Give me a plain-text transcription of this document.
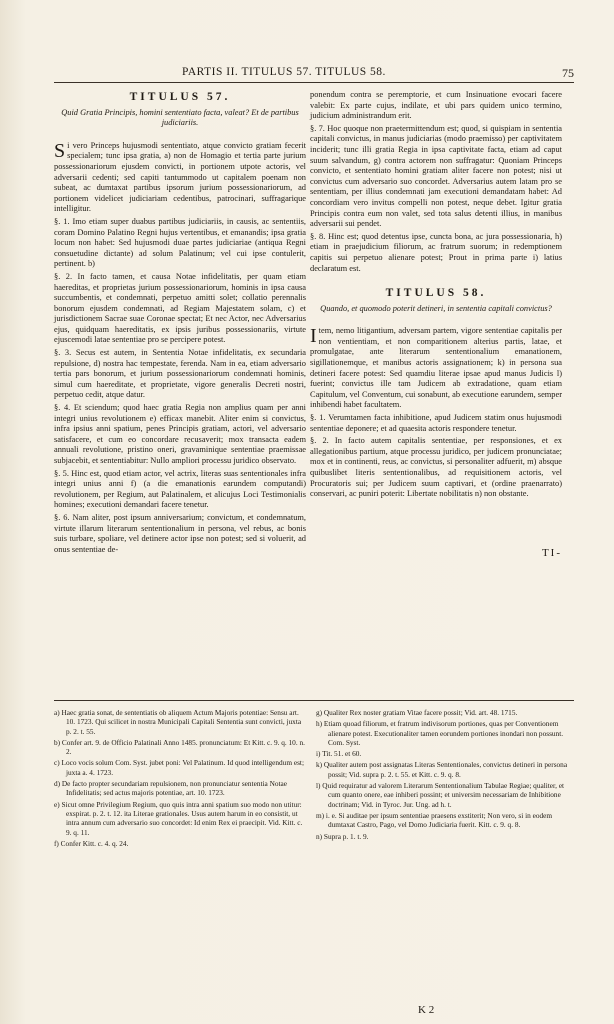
PARTIS II. TITULUS 57. TITULUS 58.	75
TITULUS 57.
Quid Gratia Principis, homini sententiato facta, valeat? Et de partibus judiciariis.

Si vero Princeps hujusmodi sententiato, atque convicto gratiam fecerit specialem; tunc ipsa gratia, a) non de Homagio et tertia parte jurium possessionariorum ejusdem convicti, in portionem utpote actoris, vel adversarii cedenti; sed capiti tantummodo ut capitalem poenam non subeat, ac dumtaxat partibus ipsorum jurium possessionariorum, ad portionem videlicet judiciariam cedentibus, patrocinari, suffragarique intelligitur.

§. 1. Imo etiam super duabus partibus judiciariis, in causis, ac sententiis, coram Domino Palatino Regni hujus vertentibus, et emanandis; ipsa gratia locum non habet: Sed hujusmodi duae partes judiciariae (antiqua Regni consuetudine dictante) ad solum Palatinum; vel cui ipse contulerit, pertinent. b)

§. 2. In facto tamen, et causa Notae infidelitatis, per quam etiam haereditas, et proprietas jurium possessionariorum, hominis in ipsa causa succumbentis, et condemnati, perpetuo amitti solet; collatio perennalis bonorum ejusdem condemnati, ad Regiam Majestatem solam, c) et jurisdictionem Sacrae suae Coronae spectat; Et nec Actor, nec Adversarius ejus, quidquam haereditatis, ex ipsis juribus possessionariis, virtute ejuscemodi latae sententiae pro se percipere potest.

§. 3. Secus est autem, in Sententia Notae infidelitatis, ex secundaria repulsione, d) nostra hac tempestate, ferenda. Nam in ea, etiam adversario tertia pars bonorum, et jurium possessionariorum condemnati hominis, simul cum haereditate, et proprietate, vigore generalis Decreti nostri, perpetuo cedit, atque datur.

§. 4. Et sciendum; quod haec gratia Regia non amplius quam per anni integri unius revolutionem e) efficax manebit. Aliter enim si convictus, infra ipsius anni spatium, penes Principis gratiam, actori, vel adversario satisfacere, et cum eo concordare recusaverit; mox transacta eadem annuali revolutione, pristino oneri, gravaminique sententiae praemissae subjacebit, et sententiabitur: Nullo ampliori processu juridico observato.

§. 5. Hinc est, quod etiam actor, vel actrix, literas suas sententionales infra integri unius anni f) (a die emanationis earundem computandi) revolutionem, per Regium, aut Palatinalem, et alicujus Loci Testimonialis homines; executioni demandari facere tenetur.

§. 6. Nam aliter, post ipsum anniversarium; convictum, et condemnatum, virtute illarum literarum sententionalium in persona, vel rebus, ac bonis suis turbare, spoliare, vel detinere actor ipse non potest; sed si voluerit, ad onus sententiae de-

ponendum contra se peremptorie, et cum Insinuatione evocari facere valebit: Ex parte cujus, indilate, et ubi pars quidem unico termino, judicium administrandum erit.

§. 7. Hoc quoque non praetermittendum est; quod, si quispiam in sententia capitali convictus, in manus judiciarias (modo praemisso) per captivitatem inciderit; tunc illi gratia Regia in ipsa captivitate facta, etiam ad caput suum salvandum, g) contra actorem non suffragatur: Quoniam Princeps convicto, et sententiato homini gratiam aliter facere non potest; nisi ut convictus cum adversario suo concordet. Adversarius autem latam pro se sententiam, per illius condemnati jam executioni demandatam habet: Ad concordiam vero invitus compelli non potest, neque debet. Igitur gratia Principis contra eum non valet, sed tota salus detenti illius, in manibus adversarii sui pendet.

§. 8. Hinc est; quod detentus ipse, cuncta bona, ac jura possessionaria, h) etiam in praejudicium filiorum, ac fratrum suorum; in redemptionem capitis sui perpetuo alienare potest; Prout in prima parte i) latius declaratum est.

TITULUS 58.
Quando, et quomodo poterit detineri, in sententia capitali convictus?

Item, nemo litigantium, adversam partem, vigore sententiae capitalis per non ventientiam, et non comparitionem alterius partis, latae, et promulgatae, ante literarum sententionalium emanationem, sigillationemque, et manibus actoris assignationem; k) in persona sua detineri facere potest: Sed quamdiu literae ipsae apud manus Judicis l) fuerint; convictus ille tam Judicem ab extradatione, quam etiam Capitulum, vel Conventum, cui sonabunt, ab executione earundem, semper inhibendi habet facultatem.

§. 1. Verumtamen facta inhibitione, apud Judicem statim onus hujusmodi sententiae deponere; et ad quaesita actoris respondere tenetur.

§. 2. In facto autem capitalis sententiae, per responsiones, et ex allegationibus partium, atque processu juridico, per judicem pronunciatae; mox et in continenti, reus, ac convictus, si personaliter adfuerit, m) absque quibuslibet literis sententionalibus, ad requisitionem actoris, vel Procuratoris sui; per Judicem suum captivari, et (ordine praenarrato) conservari, ac puniri poterit: Libertate nobilitatis n) non obstante.

TI-
a) Haec gratia sonat, de sententiatis ob aliquem Actum Majoris potentiae: Sensu art. 10. 1723. Qui scilicet in nostra Municipali Capitali Sententia sunt convicti, juxta p. 2. t. 55.
b) Confer art. 9. de Officio Palatinali Anno 1485. pronunciatum: Et Kitt. c. 9. q. 10. n. 2.
c) Loco vocis solum Com. Syst. jubet poni: Vel Palatinum. Id quod intelligendum est; juxta a. 4. 1723.
d) De facto propter secundariam repulsionem, non pronunciatur sententia Notae Infidelitatis; sed actus majoris potentiae, art. 10. 1723.
e) Sicut omne Privilegium Regium, quo quis intra anni spatium suo modo non utitur: exspirat. p. 2. t. 12. ita Literae grationales. Usus autem harum in eo consistit, ut intra annum cum adversario suo concordet: Id enim Rex ei praecipit. Vid. Kitt. c. 9. q. 11.
f) Confer Kitt. c. 4. q. 24.
g) Qualiter Rex noster gratiam Vitae facere possit; Vid. art. 48. 1715.
h) Etiam quoad filiorum, et fratrum indivisorum portiones, quas per Conventionem alienare potest. Executionaliter tamen eorundem portiones inondari non possunt. Com. Syst.
i) Tit. 51. et 60.
k) Qualiter autem post assignatas Literas Sententionales, convictus detineri in persona possit; Vid. supra p. 2. t. 55. et Kitt. c. 9. q. 8.
l) Quid requiratur ad valorem Literarum Sententionalium Tabulae Regiae; qualiter, et cum quanto onere, eae inhiberi possint; et universim necessariam de Inhibitione doctrinam; Vid. in Tyroc. Jur. Ung. ad h. t.
m) i. e. Si auditae per ipsum sententiae praesens exstiterit; Non vero, si in eodem dumtaxat Castro, Pago, vel Domo Judiciaria fuerit. Kitt. c. 9. q. 8.
n) Supra p. 1. t. 9.
K 2
